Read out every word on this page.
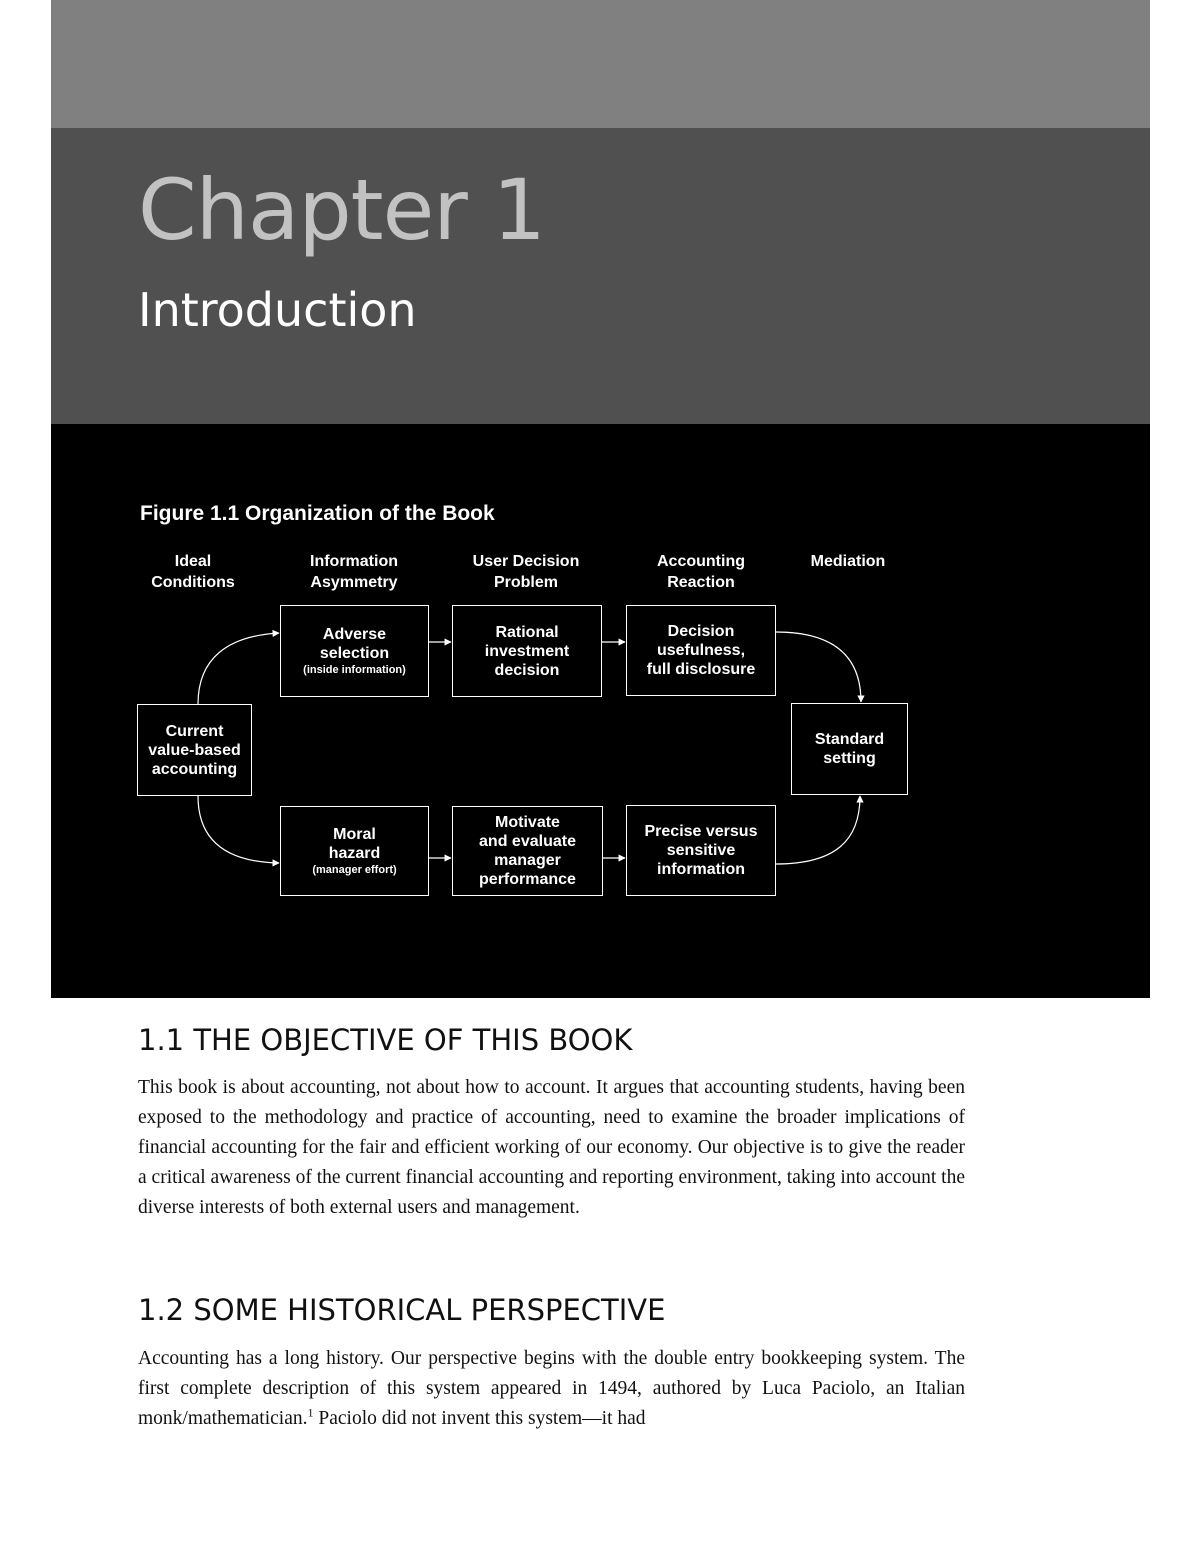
Chapter 1
Introduction
Figure 1.1 Organization of the Book
Ideal
Conditions
Information
Asymmetry
User Decision
Problem
Accounting
Reaction
Mediation
Current
value-based
accounting
Adverse
selection
(inside information)
Rational
investment
decision
Decision
usefulness,
full disclosure
Standard
setting
Moral
hazard
(manager effort)
Motivate
and evaluate
manager
performance
Precise versus
sensitive
information
1.1 THE OBJECTIVE OF THIS BOOK

This book is about accounting, not about how to account. It argues that accounting students, having been exposed to the methodology and practice of accounting, need to examine the broader implications of financial accounting for the fair and efficient working of our economy. Our objective is to give the reader a critical awareness of the current financial accounting and reporting environment, taking into account the diverse interests of both external users and management.

1.2 SOME HISTORICAL PERSPECTIVE

Accounting has a long history. Our perspective begins with the double entry bookkeeping system. The first complete description of this system appeared in 1494, authored by Luca Paciolo, an Italian monk/mathematician.$^1$ Paciolo did not invent this system—it had
